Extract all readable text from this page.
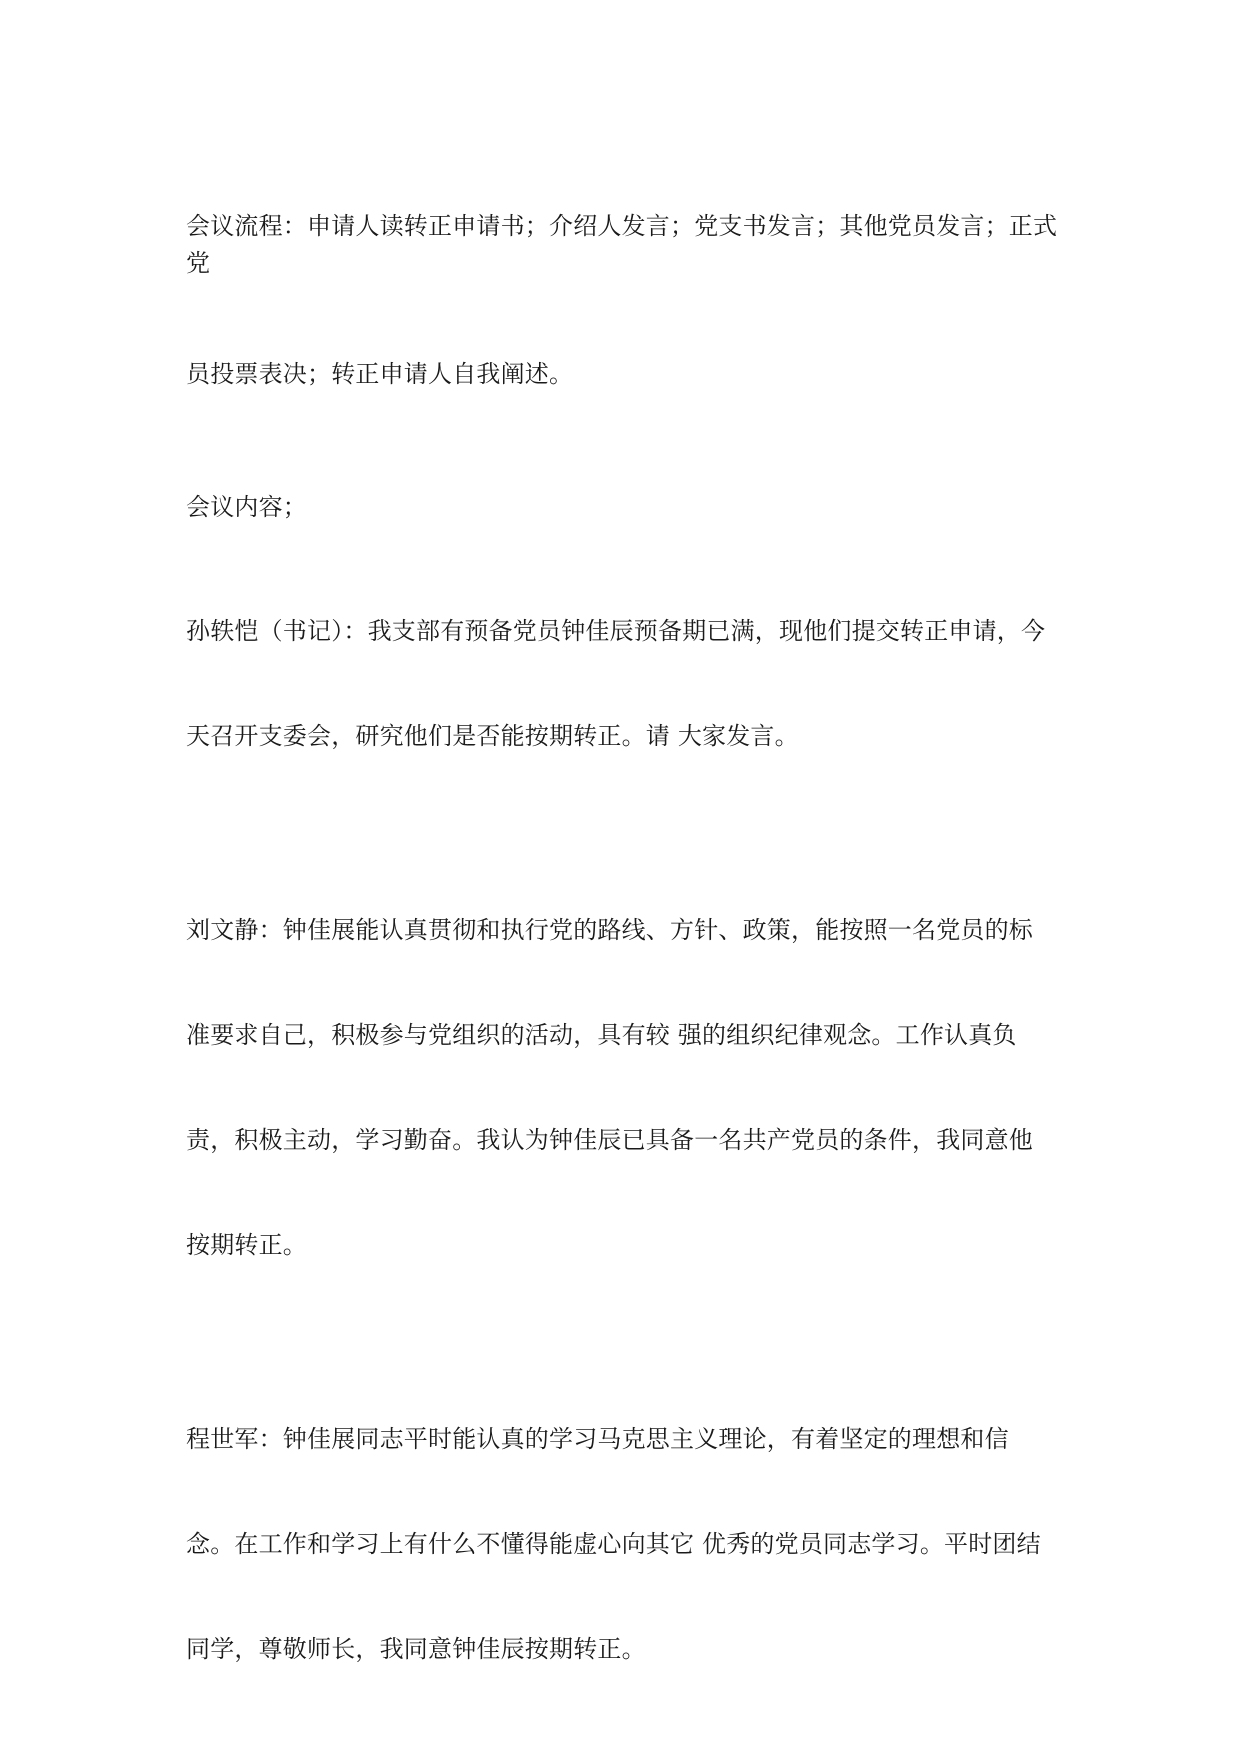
会议流程：申请人读转正申请书；介绍人发言；党支书发言；其他党员发言；正式党

员投票表决；转正申请人自我阐述。

会议内容；

孙轶恺（书记）：我支部有预备党员钟佳辰预备期已满，现他们提交转正申请，今

天召开支委会，研究他们是否能按期转正。请 大家发言。

刘文静：钟佳展能认真贯彻和执行党的路线、方针、政策，能按照一名党员的标

准要求自己，积极参与党组织的活动，具有较 强的组织纪律观念。工作认真负

责，积极主动，学习勤奋。我认为钟佳辰已具备一名共产党员的条件，我同意他

按期转正。

程世军：钟佳展同志平时能认真的学习马克思主义理论，有着坚定的理想和信

念。在工作和学习上有什么不懂得能虚心向其它 优秀的党员同志学习。平时团结

同学，尊敬师长，我同意钟佳辰按期转正。
